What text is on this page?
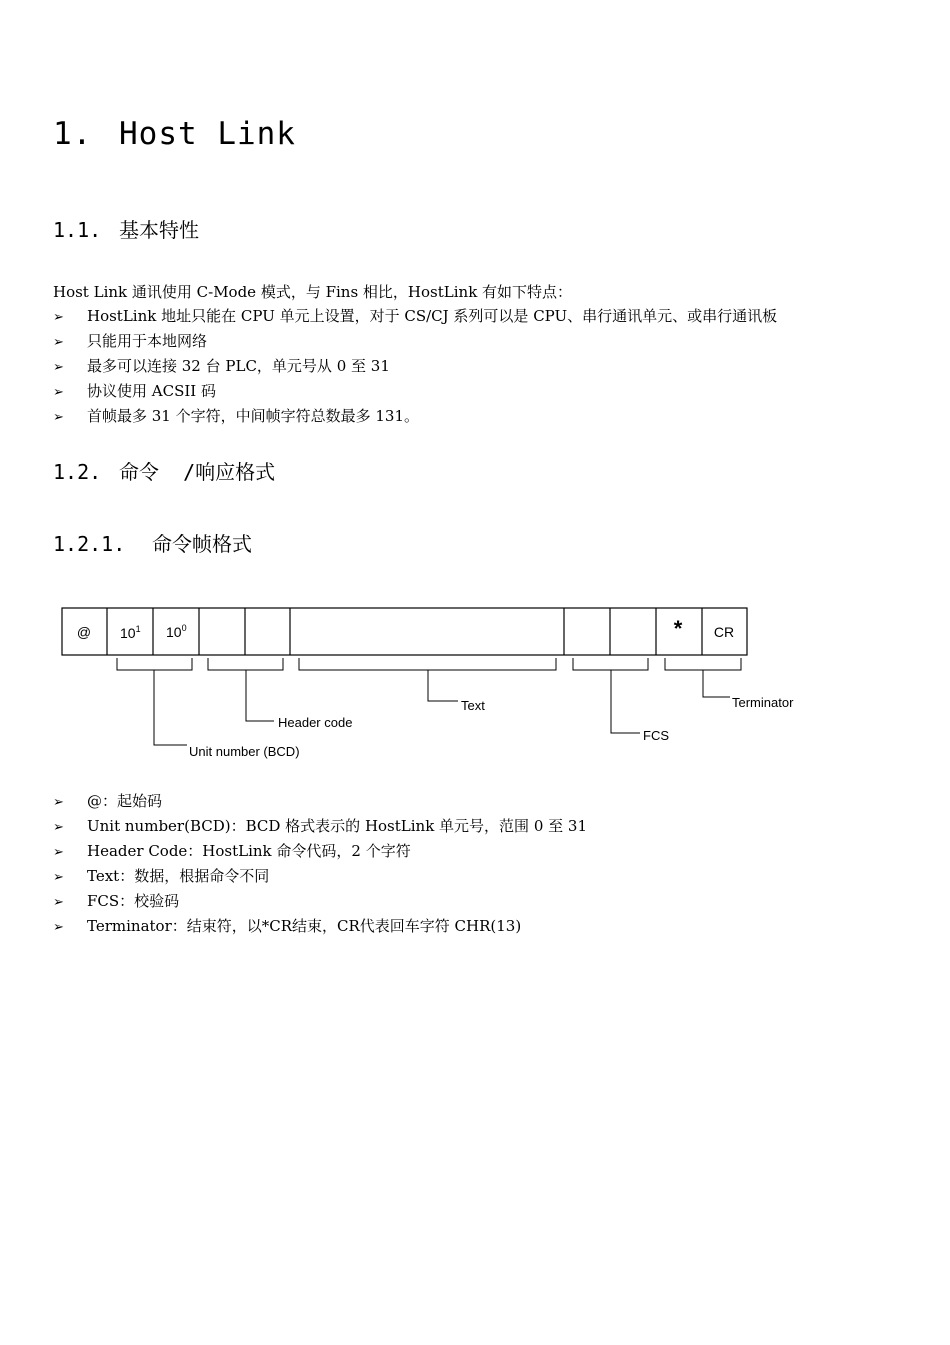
1. Host Link
1.1. 基本特性

Host Link 通讯使用 C-Mode 模式，与 Fins 相比，HostLink 有如下特点：

➢ HostLink 地址只能在 CPU 单元上设置，对于 CS/CJ 系列可以是 CPU、串行通讯单元、或串行通讯板
➢ 只能用于本地网络
➢ 最多可以连接 32 台 PLC，单元号从 0 至 31
➢ 协议使用 ACSII 码
➢ 首帧最多 31 个字符，中间帧字符总数最多 131。
1.2. 命令  /响应格式
1.2.1. 命令帧格式
@ $10^1$ $10^0$	* CR
Unit number (BCD)
Header code
Text
FCS
Terminator
➢ @：起始码
➢ Unit number(BCD)：BCD 格式表示的 HostLink 单元号，范围 0 至 31
➢ Header Code：HostLink 命令代码，2 个字符
➢ Text：数据，根据命令不同
➢ FCS：校验码
➢ Terminator：结束符，以*CR结束，CR代表回车字符 CHR(13)
